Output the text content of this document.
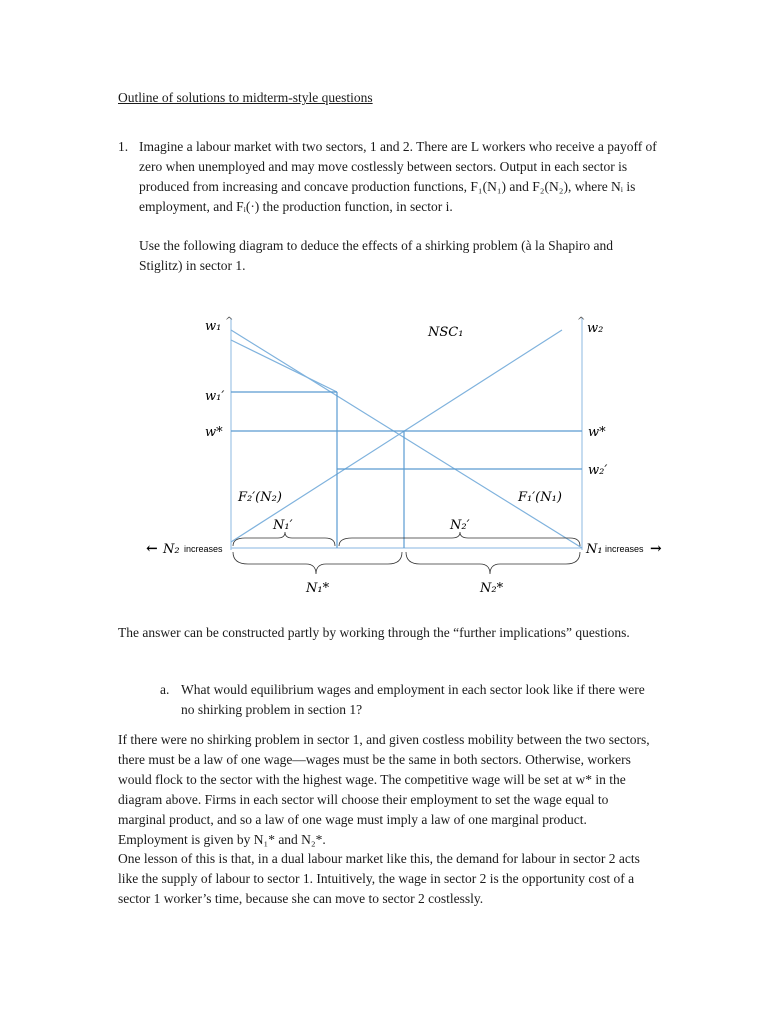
Outline of solutions to midterm-style questions
1. Imagine a labour market with two sectors, 1 and 2. There are L workers who receive a payoff of zero when unemployed and may move costlessly between sectors. Output in each sector is produced from increasing and concave production functions, F₁(N₁) and F₂(N₂), where Nᵢ is employment, and Fᵢ(·) the production function, in sector i.
Use the following diagram to deduce the effects of a shirking problem (à la Shapiro and Stiglitz) in sector 1.
^	^
w₁	w₂
NSC₁
w₁′
w*	w*
w₂′
F₂′(N₂)	F₁′(N₁)
N₁′	N₂′
N₁*	N₂*
← N₂ increases	N₁ increases →
The answer can be constructed partly by working through the “further implications” questions.
a. What would equilibrium wages and employment in each sector look like if there were no shirking problem in section 1?
If there were no shirking problem in sector 1, and given costless mobility between the two sectors, there must be a law of one wage—wages must be the same in both sectors. Otherwise, workers would flock to the sector with the highest wage. The competitive wage will be set at w* in the diagram above. Firms in each sector will choose their employment to set the wage equal to marginal product, and so a law of one wage must imply a law of one marginal product. Employment is given by N₁* and N₂*.
One lesson of this is that, in a dual labour market like this, the demand for labour in sector 2 acts like the supply of labour to sector 1. Intuitively, the wage in sector 2 is the opportunity cost of a sector 1 worker’s time, because she can move to sector 2 costlessly.
